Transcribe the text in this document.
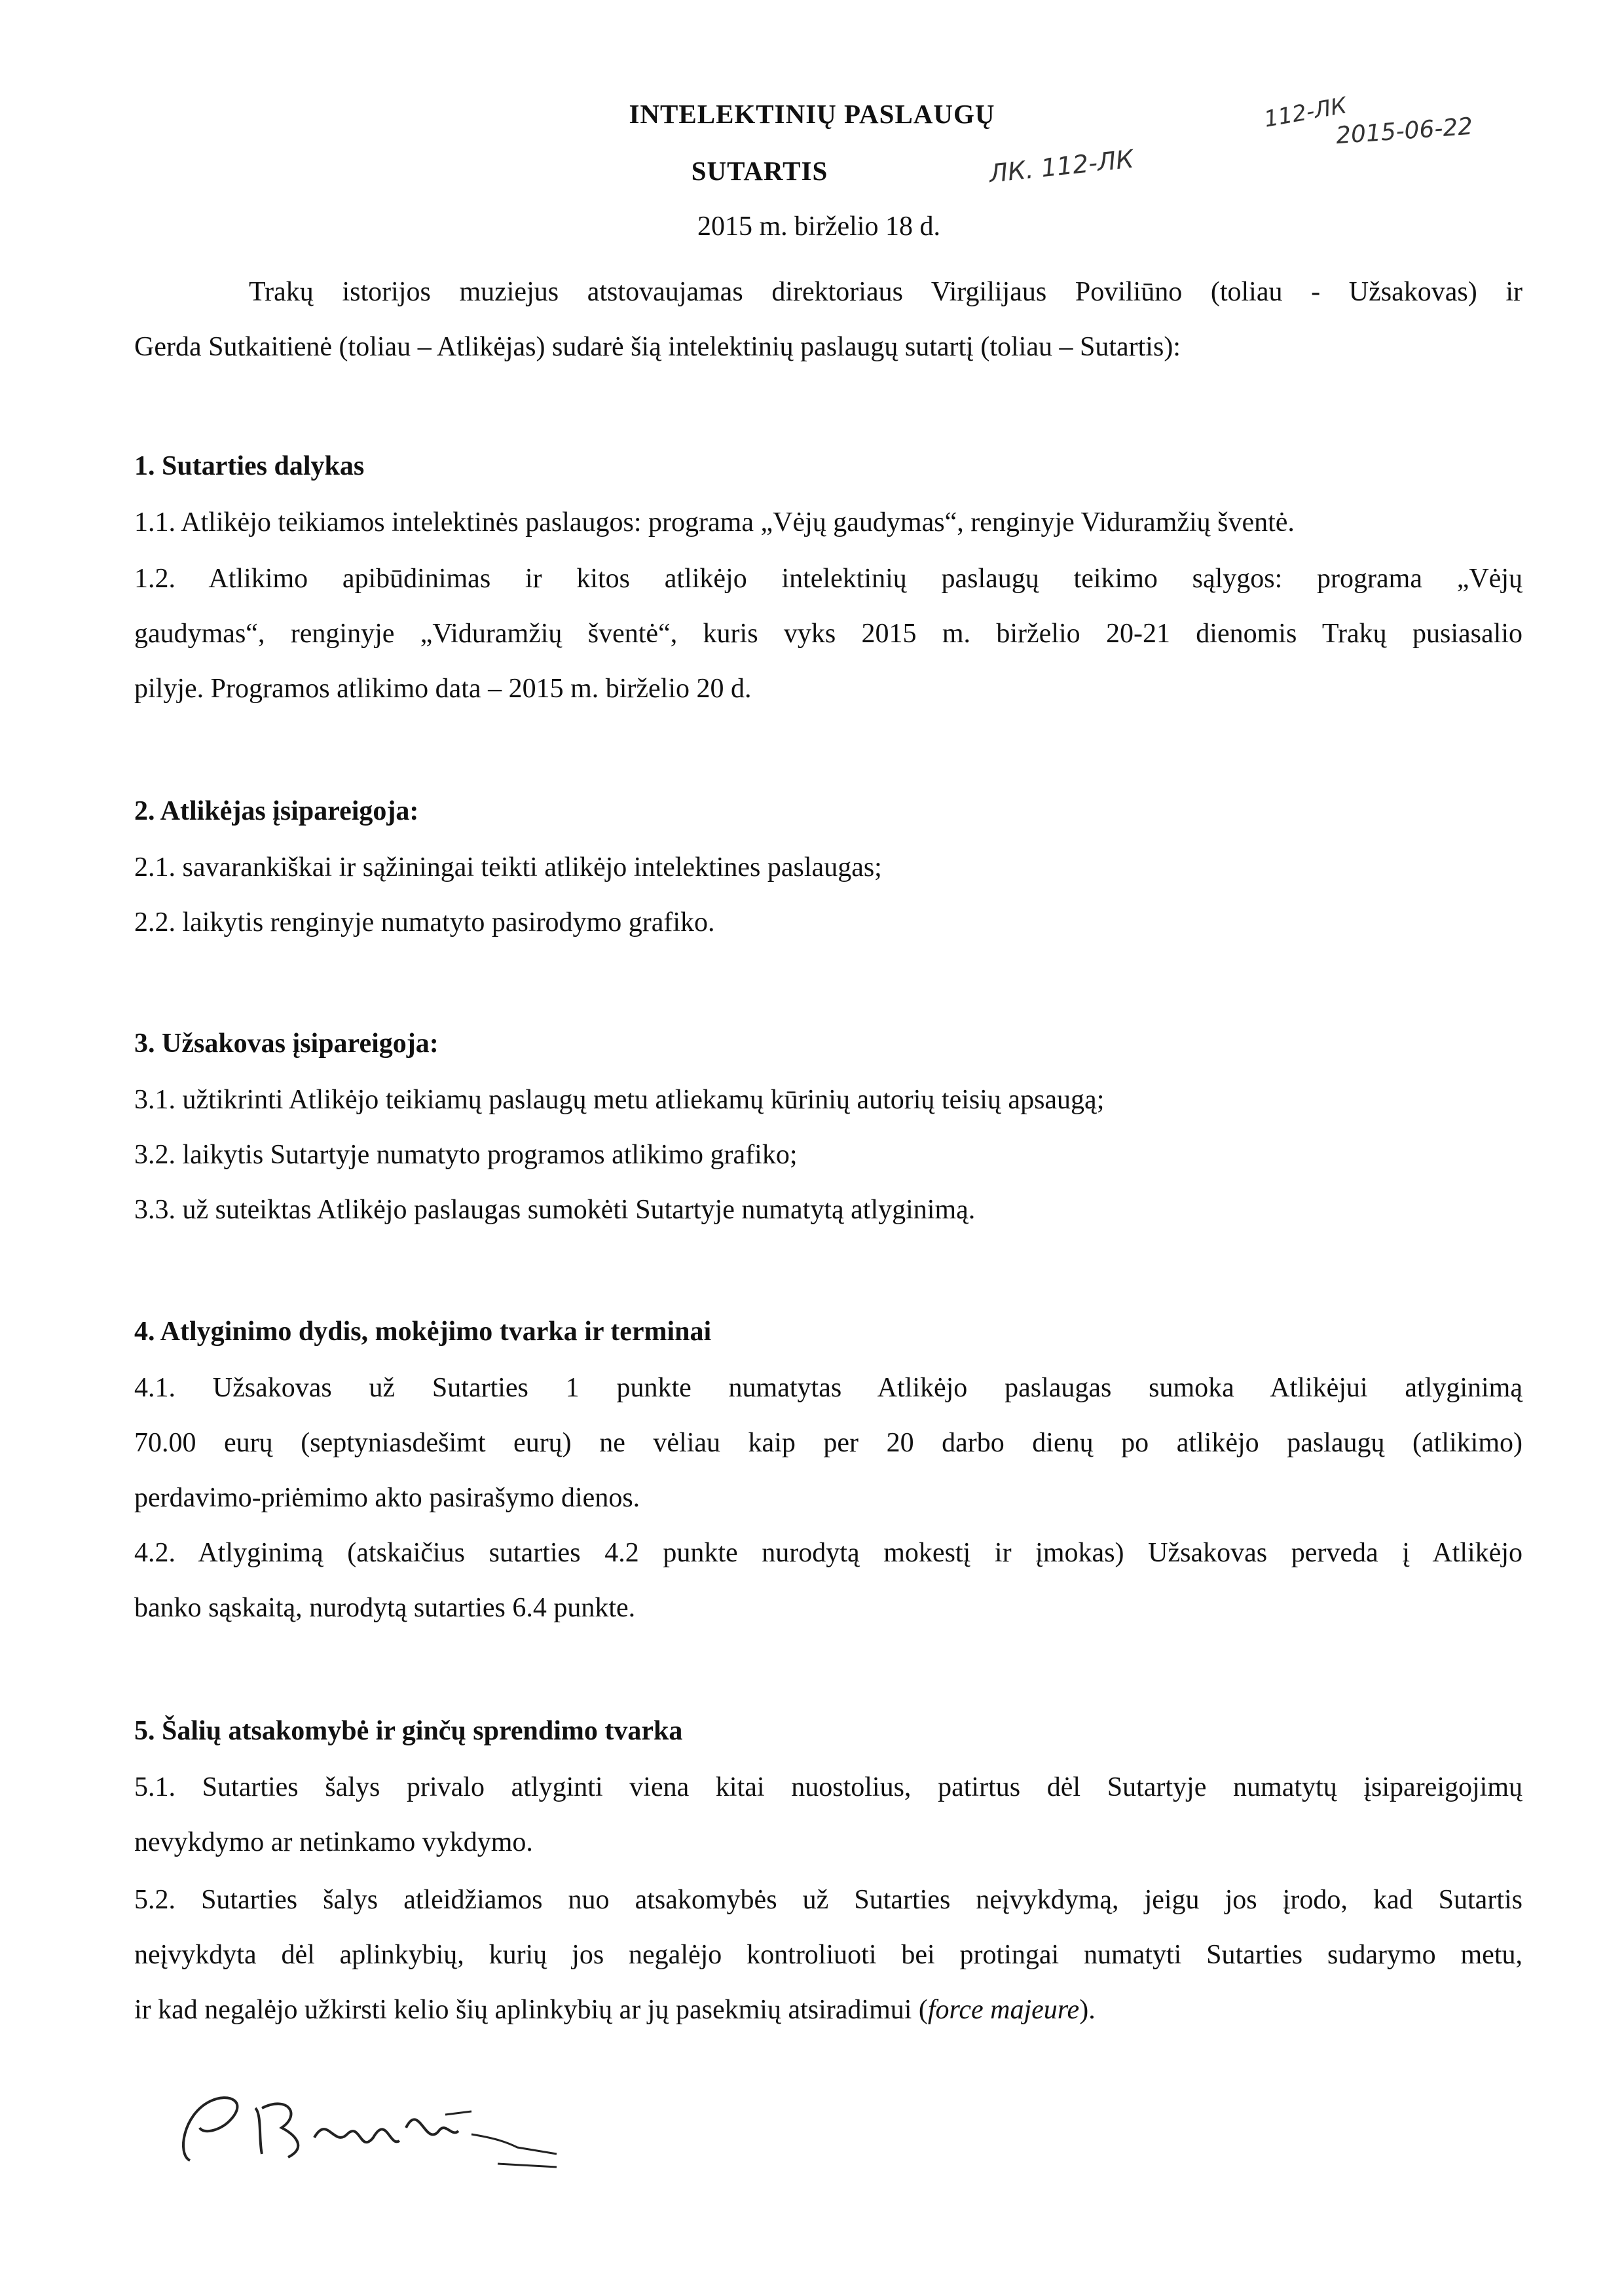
INTELEKTINIŲ PASLAUGŲ
SUTARTIS	ЛК. 112-ЛК
112-ЛК
2015-06-22
2015 m. birželio 18 d.
Trakų istorijos muziejus atstovaujamas direktoriaus Virgilijaus Poviliūno (toliau - Užsakovas) ir
Gerda Sutkaitienė (toliau – Atlikėjas) sudarė šią intelektinių paslaugų sutartį (toliau – Sutartis):
1. Sutarties dalykas
1.1. Atlikėjo teikiamos intelektinės paslaugos: programa „Vėjų gaudymas“, renginyje Viduramžių šventė.
1.2. Atlikimo apibūdinimas ir kitos atlikėjo intelektinių paslaugų teikimo sąlygos: programa „Vėjų
gaudymas“, renginyje „Viduramžių šventė“, kuris vyks 2015 m. birželio 20-21 dienomis Trakų pusiasalio
pilyje. Programos atlikimo data – 2015 m. birželio 20 d.
2. Atlikėjas įsipareigoja:
2.1. savarankiškai ir sąžiningai teikti atlikėjo intelektines paslaugas;
2.2. laikytis renginyje numatyto pasirodymo grafiko.
3. Užsakovas įsipareigoja:
3.1. užtikrinti Atlikėjo teikiamų paslaugų metu atliekamų kūrinių autorių teisių apsaugą;
3.2. laikytis Sutartyje numatyto programos atlikimo grafiko;
3.3. už suteiktas Atlikėjo paslaugas sumokėti Sutartyje numatytą atlyginimą.
4. Atlyginimo dydis, mokėjimo tvarka ir terminai
4.1. Užsakovas už Sutarties 1 punkte numatytas Atlikėjo paslaugas sumoka Atlikėjui atlyginimą
70.00 eurų (septyniasdešimt eurų) ne vėliau kaip per 20 darbo dienų po atlikėjo paslaugų (atlikimo)
perdavimo-priėmimo akto pasirašymo dienos.
4.2. Atlyginimą (atskaičius sutarties 4.2 punkte nurodytą mokestį ir įmokas) Užsakovas perveda į Atlikėjo
banko sąskaitą, nurodytą sutarties 6.4 punkte.
5. Šalių atsakomybė ir ginčų sprendimo tvarka
5.1. Sutarties šalys privalo atlyginti viena kitai nuostolius, patirtus dėl Sutartyje numatytų įsipareigojimų
nevykdymo ar netinkamo vykdymo.
5.2. Sutarties šalys atleidžiamos nuo atsakomybės už Sutarties neįvykdymą, jeigu jos įrodo, kad Sutartis
neįvykdyta dėl aplinkybių, kurių jos negalėjo kontroliuoti bei protingai numatyti Sutarties sudarymo metu,
ir kad negalėjo užkirsti kelio šių aplinkybių ar jų pasekmių atsiradimui (force majeure).
